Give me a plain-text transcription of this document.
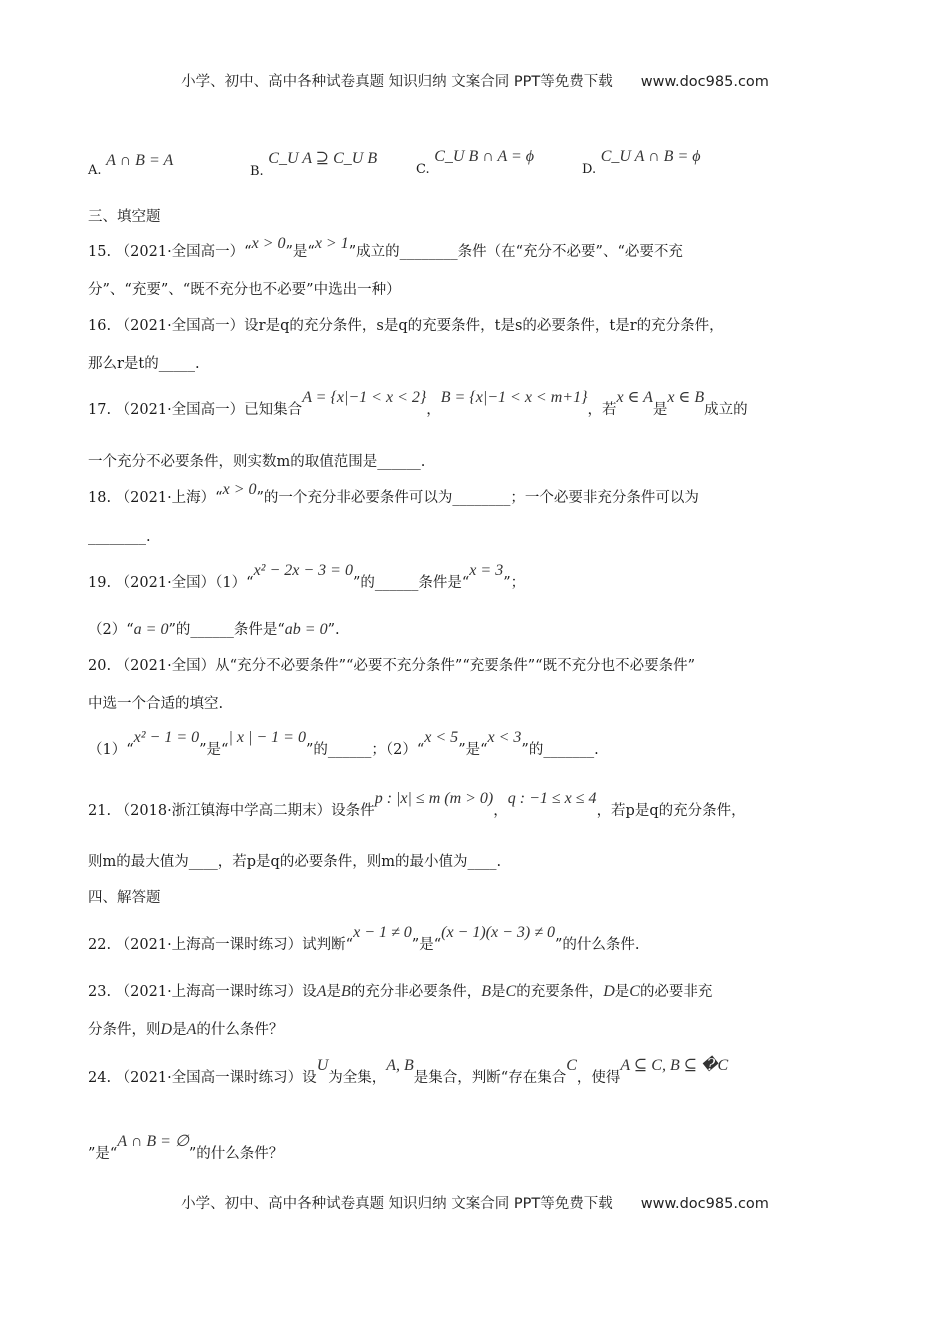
小学、初中、高中各种试卷真题 知识归纳 文案合同 PPT等免费下载 www.doc985.com
A. A ∩ B = A
B. C_U A ⊇ C_U B
C. C_U B ∩ A = ϕ
D. C_U A ∩ B = ϕ
三、填空题
15. （2021·全国高一）“x > 0”是“x > 1”成立的________条件（在“充分不必要”、“必要不充
分”、“充要”、“既不充分也不必要”中选出一种）
16. （2021·全国高一）设r是q的充分条件，s是q的充要条件，t是s的必要条件，t是r的充分条件，
那么r是t的_____.
17. （2021·全国高一）已知集合A = {x|−1 < x < 2}，B = {x|−1 < x < m+1}，若x ∈ A是x ∈ B成立的
一个充分不必要条件，则实数m的取值范围是______.
18. （2021·上海）“x > 0”的一个充分非必要条件可以为________；一个必要非充分条件可以为
________.
19. （2021·全国）（1）“x² − 2x − 3 = 0”的______条件是“x = 3”；
（2）“a = 0”的______条件是“ab = 0”.
20. （2021·全国）从“充分不必要条件”“必要不充分条件”“充要条件”“既不充分也不必要条件”
中选一个合适的填空.
（1）“x² − 1 = 0”是“| x | − 1 = 0”的______；（2）“x < 5”是“x < 3”的_______.
21. （2018·浙江镇海中学高二期末）设条件p : |x| ≤ m (m > 0)，q : −1 ≤ x ≤ 4，若p是q的充分条件，
则m的最大值为____，若p是q的必要条件，则m的最小值为____.
四、解答题
22. （2021·上海高一课时练习）试判断“x − 1 ≠ 0”是“(x − 1)(x − 3) ≠ 0”的什么条件.
23. （2021·上海高一课时练习）设A是B的充分非必要条件，B是C的充要条件，D是C的必要非充
分条件，则D是A的什么条件？
24. （2021·全国高一课时练习）设U为全集，A, B是集合，判断“存在集合C，使得A ⊆ C, B ⊆ �C
”是“A ∩ B = ∅”的什么条件？
小学、初中、高中各种试卷真题 知识归纳 文案合同 PPT等免费下载 www.doc985.com
